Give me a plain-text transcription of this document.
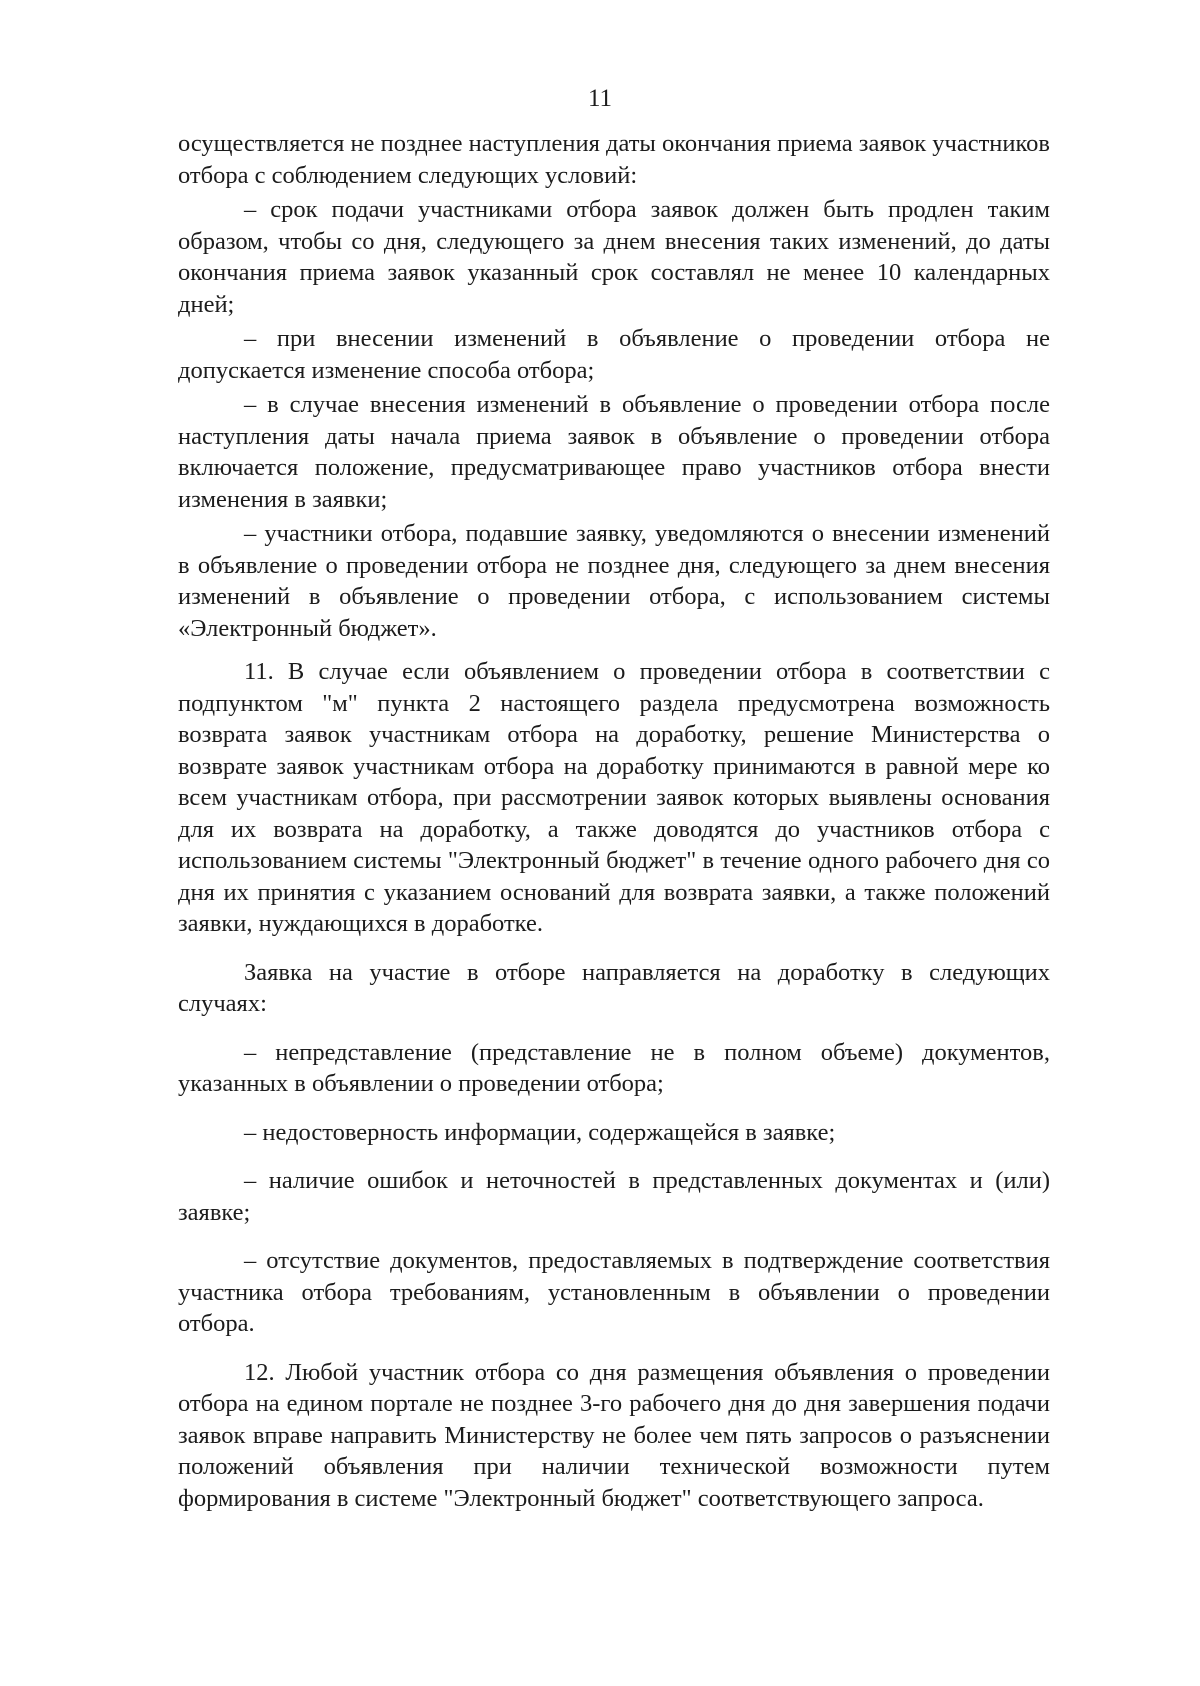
11

осуществляется не позднее наступления даты окончания приема заявок участников отбора с соблюдением следующих условий:

– срок подачи участниками отбора заявок должен быть продлен таким образом, чтобы со дня, следующего за днем внесения таких изменений, до даты окончания приема заявок указанный срок составлял не менее 10 календарных дней;

– при внесении изменений в объявление о проведении отбора не допускается изменение способа отбора;

– в случае внесения изменений в объявление о проведении отбора после наступления даты начала приема заявок в объявление о проведении отбора включается положение, предусматривающее право участников отбора внести изменения в заявки;

– участники отбора, подавшие заявку, уведомляются о внесении изменений в объявление о проведении отбора не позднее дня, следующего за днем внесения изменений в объявление о проведении отбора, с использованием системы «Электронный бюджет».

11. В случае если объявлением о проведении отбора в соответствии с подпунктом "м" пункта 2 настоящего раздела предусмотрена возможность возврата заявок участникам отбора на доработку, решение Министерства о возврате заявок участникам отбора на доработку принимаются в равной мере ко всем участникам отбора, при рассмотрении заявок которых выявлены основания для их возврата на доработку, а также доводятся до участников отбора с использованием системы "Электронный бюджет" в течение одного рабочего дня со дня их принятия с указанием оснований для возврата заявки, а также положений заявки, нуждающихся в доработке.

Заявка на участие в отборе направляется на доработку в следующих случаях:

– непредставление (представление не в полном объеме) документов, указанных в объявлении о проведении отбора;

– недостоверность информации, содержащейся в заявке;

– наличие ошибок и неточностей в представленных документах и (или) заявке;

– отсутствие документов, предоставляемых в подтверждение соответствия участника отбора требованиям, установленным в объявлении о проведении отбора.

12. Любой участник отбора со дня размещения объявления о проведении отбора на едином портале не позднее 3-го рабочего дня до дня завершения подачи заявок вправе направить Министерству не более чем пять запросов о разъяснении положений объявления при наличии технической возможности путем формирования в системе "Электронный бюджет" соответствующего запроса.
